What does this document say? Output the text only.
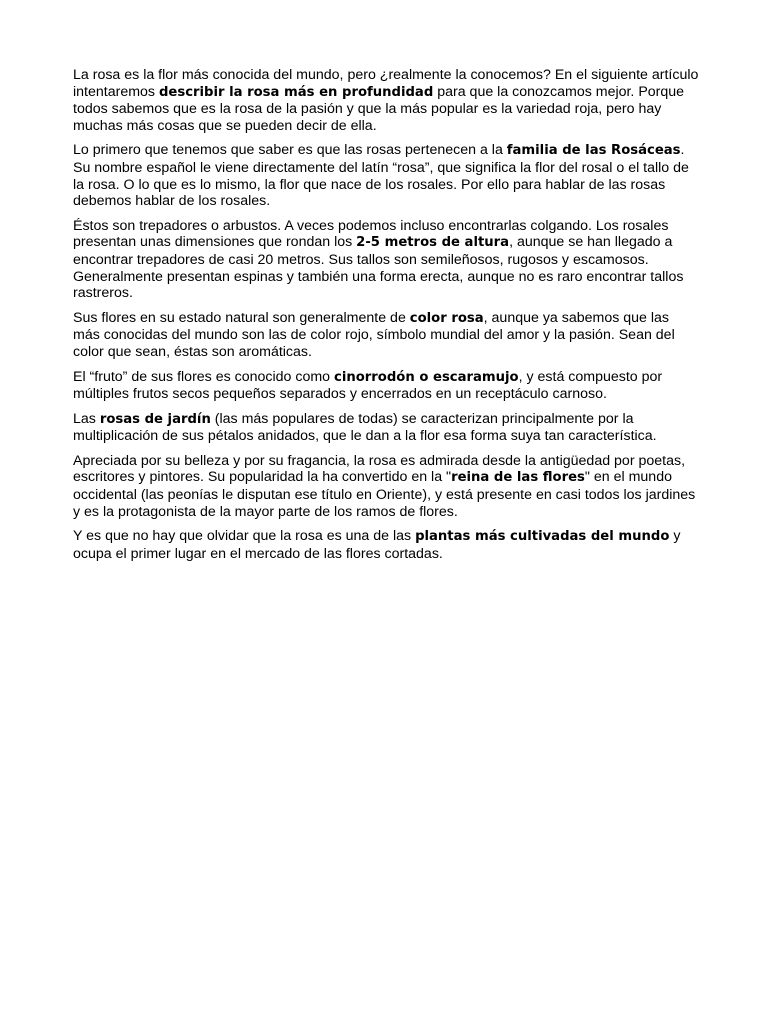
La rosa es la flor más conocida del mundo, pero ¿realmente la conocemos? En el siguiente artículo intentaremos describir la rosa más en profundidad para que la conozcamos mejor. Porque todos sabemos que es la rosa de la pasión y que la más popular es la variedad roja, pero hay muchas más cosas que se pueden decir de ella.

Lo primero que tenemos que saber es que las rosas pertenecen a la familia de las Rosáceas. Su nombre español le viene directamente del latín “rosa”, que significa la flor del rosal o el tallo de la rosa. O lo que es lo mismo, la flor que nace de los rosales. Por ello para hablar de las rosas debemos hablar de los rosales.

Éstos son trepadores o arbustos. A veces podemos incluso encontrarlas colgando. Los rosales presentan unas dimensiones que rondan los 2-5 metros de altura, aunque se han llegado a encontrar trepadores de casi 20 metros. Sus tallos son semileñosos, rugosos y escamosos. Generalmente presentan espinas y también una forma erecta, aunque no es raro encontrar tallos rastreros.

Sus flores en su estado natural son generalmente de color rosa, aunque ya sabemos que las más conocidas del mundo son las de color rojo, símbolo mundial del amor y la pasión. Sean del color que sean, éstas son aromáticas.

El “fruto” de sus flores es conocido como cinorrodón o escaramujo, y está compuesto por múltiples frutos secos pequeños separados y encerrados en un receptáculo carnoso.

Las rosas de jardín (las más populares de todas) se caracterizan principalmente por la multiplicación de sus pétalos anidados, que le dan a la flor esa forma suya tan característica.

Apreciada por su belleza y por su fragancia, la rosa es admirada desde la antigüedad por poetas, escritores y pintores. Su popularidad la ha convertido en la "reina de las flores" en el mundo occidental (las peonías le disputan ese título en Oriente), y está presente en casi todos los jardines y es la protagonista de la mayor parte de los ramos de flores.

Y es que no hay que olvidar que la rosa es una de las plantas más cultivadas del mundo y ocupa el primer lugar en el mercado de las flores cortadas.
